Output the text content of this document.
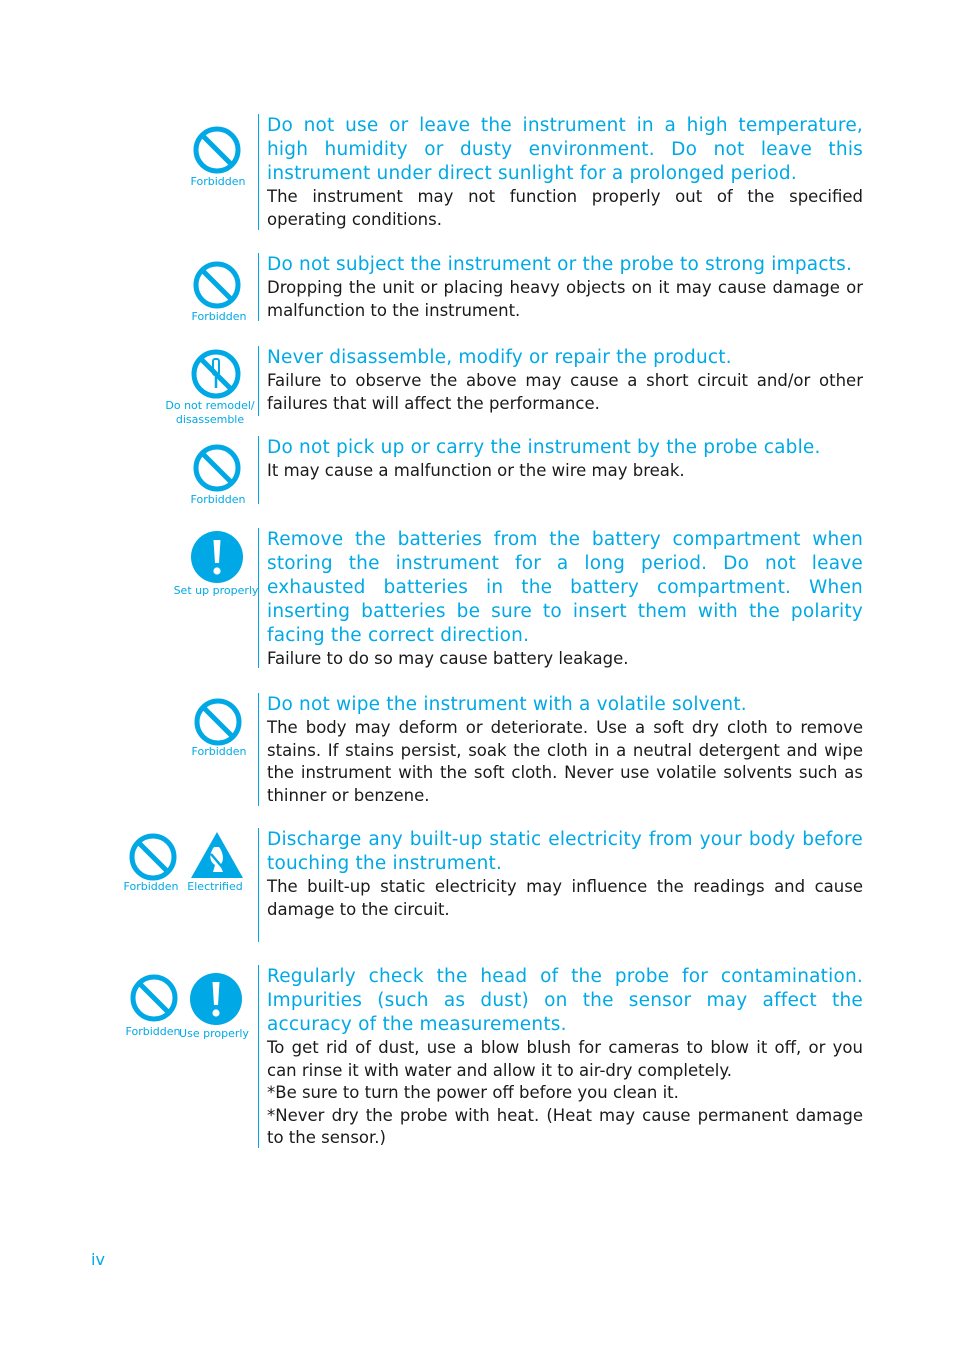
Forbidden

Do not use or leave the instrument in a high temperature, high humidity or dusty environment. Do not leave this instrument under direct sunlight for a prolonged period.

The instrument may not function properly out of the specified operating conditions.

Forbidden

Do not subject the instrument or the probe to strong impacts.

Dropping the unit or placing heavy objects on it may cause damage or malfunction to the instrument.

Do not remodel/
disassemble

Never disassemble, modify or repair the product.

Failure to observe the above may cause a short circuit and/or other failures that will affect the performance.

Forbidden

Do not pick up or carry the instrument by the probe cable.

It may cause a malfunction or the wire may break.

Set up properly

Remove the batteries from the battery compartment when storing the instrument for a long period. Do not leave exhausted batteries in the battery compartment. When inserting batteries be sure to insert them with the polarity facing the correct direction.

Failure to do so may cause battery leakage.

Forbidden

Do not wipe the instrument with a volatile solvent.

The body may deform or deteriorate. Use a soft dry cloth to remove stains. If stains persist, soak the cloth in a neutral detergent and wipe the instrument with the soft cloth. Never use volatile solvents such as thinner or benzene.

Forbidden Electrified

Discharge any built-up static electricity from your body before touching the instrument.

The built-up static electricity may influence the readings and cause damage to the circuit.

Forbidden
Use properly

Regularly check the head of the probe for contamination. Impurities (such as dust) on the sensor may affect the accuracy of the measurements.

To get rid of dust, use a blow blush for cameras to blow it off, or you can rinse it with water and allow it to air-dry completely.

*Be sure to turn the power off before you clean it.

*Never dry the probe with heat. (Heat may cause permanent damage to the sensor.)

iv
